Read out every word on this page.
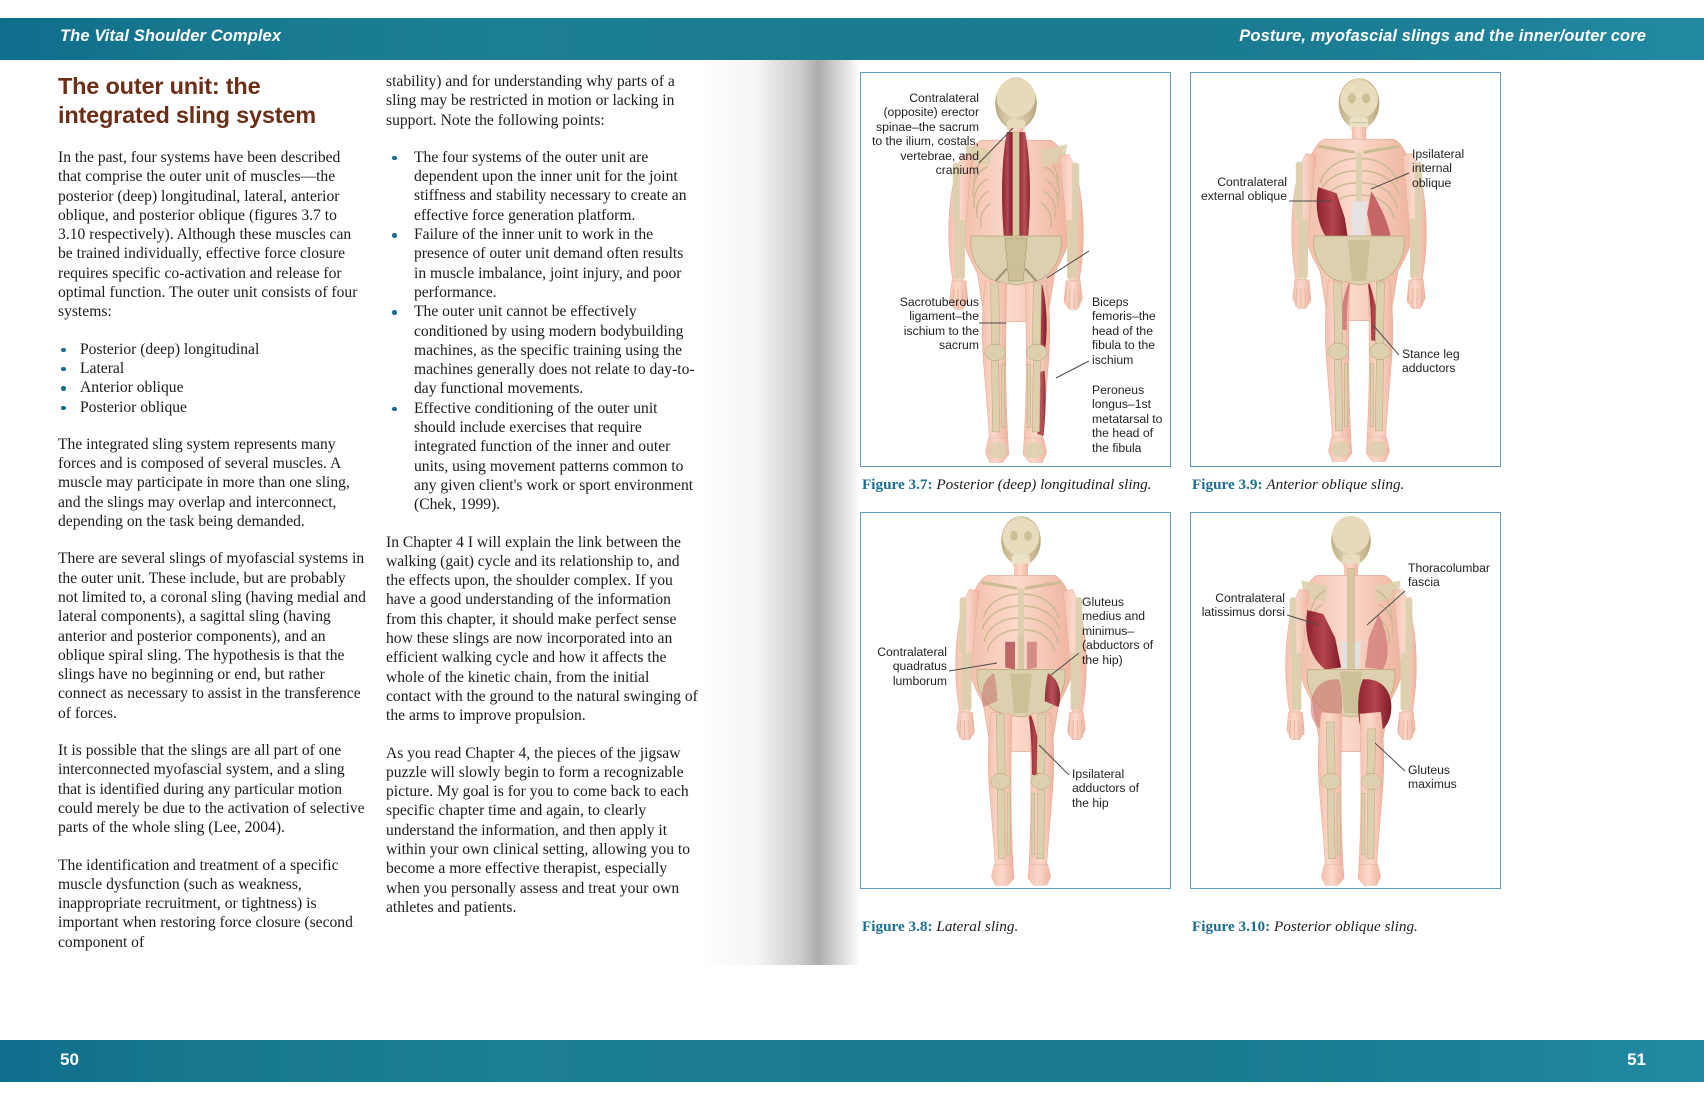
The Vital Shoulder Complex	Posture, myofascial slings and the inner/outer core
The outer unit: the integrated sling system

In the past, four systems have been described that comprise the outer unit of muscles—the posterior (deep) longitudinal, lateral, anterior oblique, and posterior oblique (figures 3.7 to 3.10 respectively). Although these muscles can be trained individually, effective force closure requires specific co-activation and release for optimal function. The outer unit consists of four systems:

Posterior (deep) longitudinal
Lateral
Anterior oblique
Posterior oblique

The integrated sling system represents many forces and is composed of several muscles. A muscle may participate in more than one sling, and the slings may overlap and interconnect, depending on the task being demanded.

There are several slings of myofascial systems in the outer unit. These include, but are probably not limited to, a coronal sling (having medial and lateral components), a sagittal sling (having anterior and posterior components), and an oblique spiral sling. The hypothesis is that the slings have no beginning or end, but rather connect as necessary to assist in the transference of forces.

It is possible that the slings are all part of one interconnected myofascial system, and a sling that is identified during any particular motion could merely be due to the activation of selective parts of the whole sling (Lee, 2004).

The identification and treatment of a specific muscle dysfunction (such as weakness, inappropriate recruitment, or tightness) is important when restoring force closure (second component of

stability) and for understanding why parts of a sling may be restricted in motion or lacking in support. Note the following points:

The four systems of the outer unit are dependent upon the inner unit for the joint stiffness and stability necessary to create an effective force generation platform.
Failure of the inner unit to work in the presence of outer unit demand often results in muscle imbalance, joint injury, and poor performance.
The outer unit cannot be effectively conditioned by using modern bodybuilding machines, as the specific training using the machines generally does not relate to day-to-day functional movements.
Effective conditioning of the outer unit should include exercises that require integrated function of the inner and outer units, using movement patterns common to any given client's work or sport environment (Chek, 1999).

In Chapter 4 I will explain the link between the walking (gait) cycle and its relationship to, and the effects upon, the shoulder complex. If you have a good understanding of the information from this chapter, it should make perfect sense how these slings are now incorporated into an efficient walking cycle and how it affects the whole of the kinetic chain, from the initial contact with the ground to the natural swinging of the arms to improve propulsion.

As you read Chapter 4, the pieces of the jigsaw puzzle will slowly begin to form a recognizable picture. My goal is for you to come back to each specific chapter time and again, to clearly understand the information, and then apply it within your own clinical setting, allowing you to become a more effective therapist, especially when you personally assess and treat your own athletes and patients.

Contralateral (opposite) erector spinae–the sacrum to the ilium, costals, vertebrae, and cranium
Sacrotuberous ligament–the ischium to the sacrum
Biceps femoris–the head of the fibula to the ischium
Peroneus longus–1st metatarsal to the head of the fibula
Figure 3.7: Posterior (deep) longitudinal sling.
Contralateral external oblique
Ipsilateral internal oblique
Stance leg adductors
Figure 3.9: Anterior oblique sling.
Contralateral quadratus lumborum
Gluteus medius and minimus–(abductors of the hip)
Ipsilateral adductors of the hip
Figure 3.8: Lateral sling.
Contralateral latissimus dorsi
Thoracolumbar fascia
Gluteus maximus
Figure 3.10: Posterior oblique sling.
50	51
